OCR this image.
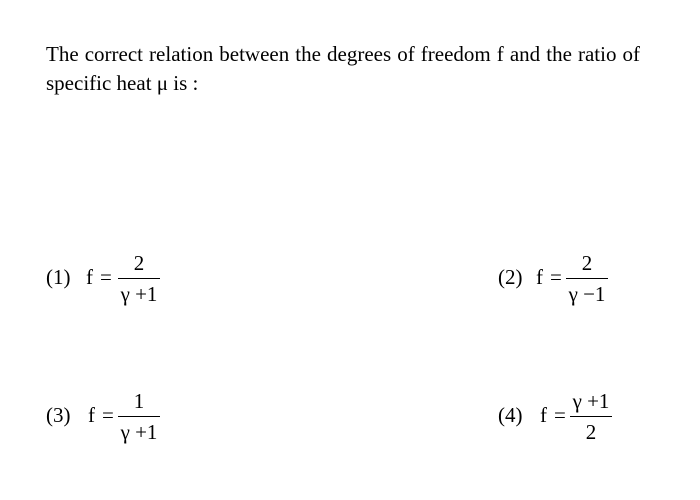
The correct relation between the degrees of freedom f and the ratio of specific heat μ is :
(1) f =
2
γ +1
(2) f =
2
γ −1
(3) f =
1
γ +1
(4) f =
γ +1
2
